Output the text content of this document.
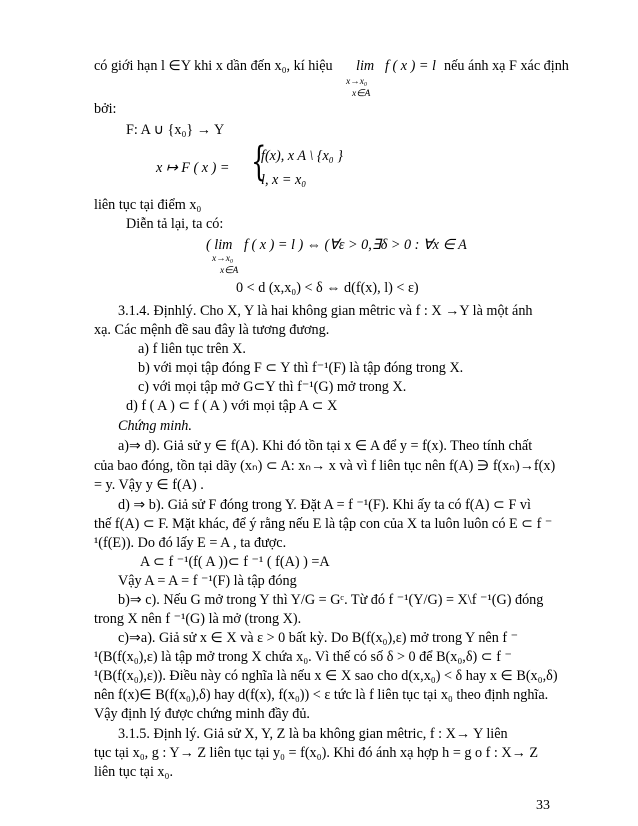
có giới hạn l ∈Y khi x dần đến x₀, kí hiệu lim f ( x ) = l
x→x₀
x∈A
nếu ánh xạ F xác định
bởi:
F: A ∪ {x₀} → Y
x ↦ F ( x ) = {
f(x), x A \ {x₀ }
l, x = x₀
liên tục tại điểm x₀
Diễn tả lại, ta có:
( lim f ( x ) = l ) ⇔ (∀ε > 0,∃δ > 0 : ∀x ∈ A
x→x₀
x∈A
0 < d (x,x₀) < δ ⇔ d(f(x), l) < ε)
3.1.4. Địnhlý. Cho X, Y là hai không gian mêtric và f : X →Y là một ánh
xạ. Các mệnh đề sau đây là tương đương.
a) f liên tục trên X.
b) với mọi tập đóng F ⊂ Y thì f⁻¹(F) là tập đóng trong X.
c) với mọi tập mở G⊂Y thì f⁻¹(G) mở trong X.
d) f ( A ) ⊂ f ( A ) với mọi tập A ⊂ X
Chứng minh.
a)⇒ d). Giả sử y ∈ f(A). Khi đó tồn tại x ∈ A để y = f(x). Theo tính chất
của bao đóng, tồn tại dãy (xₙ) ⊂ A: xₙ→ x và vì f liên tục nên f(A) ∋ f(xₙ)→f(x)
= y. Vậy y ∈ f(A) .
d) ⇒ b). Giả sử F đóng trong Y. Đặt A = f ⁻¹(F). Khi ấy ta có f(A) ⊂ F vì
thế f(A) ⊂ F. Mặt khác, để ý rằng nếu E là tập con của X ta luôn luôn có E ⊂ f ⁻
¹(f(E)). Do đó lấy E = A , ta được.
A ⊂ f ⁻¹(f( A ))⊂ f ⁻¹ ( f(A) ) =A
Vậy A = A = f ⁻¹(F) là tập đóng
b)⇒ c). Nếu G mở trong Y thì Y/G = Gᶜ. Từ đó f ⁻¹(Y/G) = X\f ⁻¹(G) đóng
trong X nên f ⁻¹(G) là mở (trong X).
c)⇒a). Giả sử x ∈ X và ε > 0 bất kỳ. Do B(f(x₀),ε) mở trong Y nên f ⁻
¹(B(f(x₀),ε) là tập mở trong X chứa x₀. Vì thế có số δ > 0 để B(x₀,δ) ⊂ f ⁻
¹(B(f(x₀),ε)). Điều này có nghĩa là nếu x ∈ X sao cho d(x,x₀) < δ hay x ∈ B(x₀,δ)
nên f(x)∈ B(f(x₀),δ) hay d(f(x), f(x₀)) < ε tức là f liên tục tại x₀ theo định nghĩa.
Vậy định lý được chứng minh đầy đủ.
3.1.5. Định lý. Giả sử X, Y, Z là ba không gian mêtric, f : X→ Y liên
tục tại x₀, g : Y→ Z liên tục tại y₀ = f(x₀). Khi đó ánh xạ hợp h = g o f : X→ Z
liên tục tại x₀.
33
